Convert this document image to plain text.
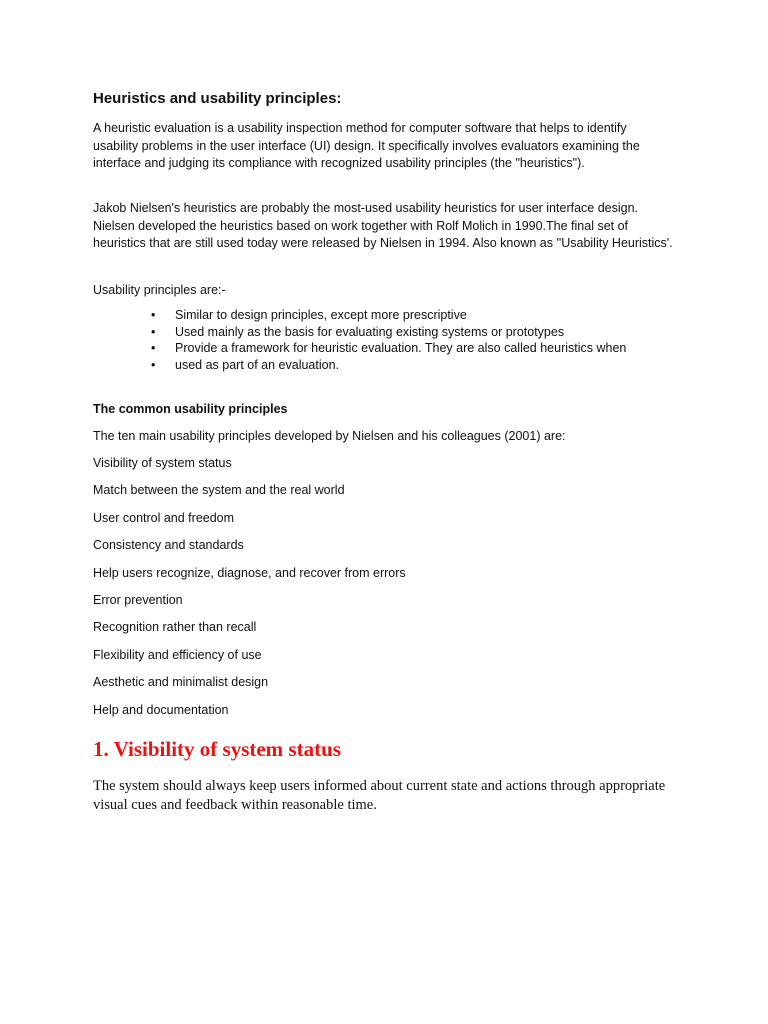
Heuristics and usability principles:

A heuristic evaluation is a usability inspection method for computer software that helps to identify usability problems in the user interface (UI) design. It specifically involves evaluators examining the interface and judging its compliance with recognized usability principles (the "heuristics").

Jakob Nielsen's heuristics are probably the most-used usability heuristics for user interface design. Nielsen developed the heuristics based on work together with Rolf Molich in 1990.The final set of heuristics that are still used today were released by Nielsen in 1994. Also known as ''Usability Heuristics'.

Usability principles are:-

• Similar to design principles, except more prescriptive
• Used mainly as the basis for evaluating existing systems or prototypes
• Provide a framework for heuristic evaluation. They are also called heuristics when
• used as part of an evaluation.
The common usability principles

The ten main usability principles developed by Nielsen and his colleagues (2001) are:

Visibility of system status
Match between the system and the real world
User control and freedom
Consistency and standards
Help users recognize, diagnose, and recover from errors
Error prevention
Recognition rather than recall
Flexibility and efficiency of use
Aesthetic and minimalist design
Help and documentation
1. Visibility of system status

The system should always keep users informed about current state and actions through appropriate visual cues and feedback within reasonable time.
